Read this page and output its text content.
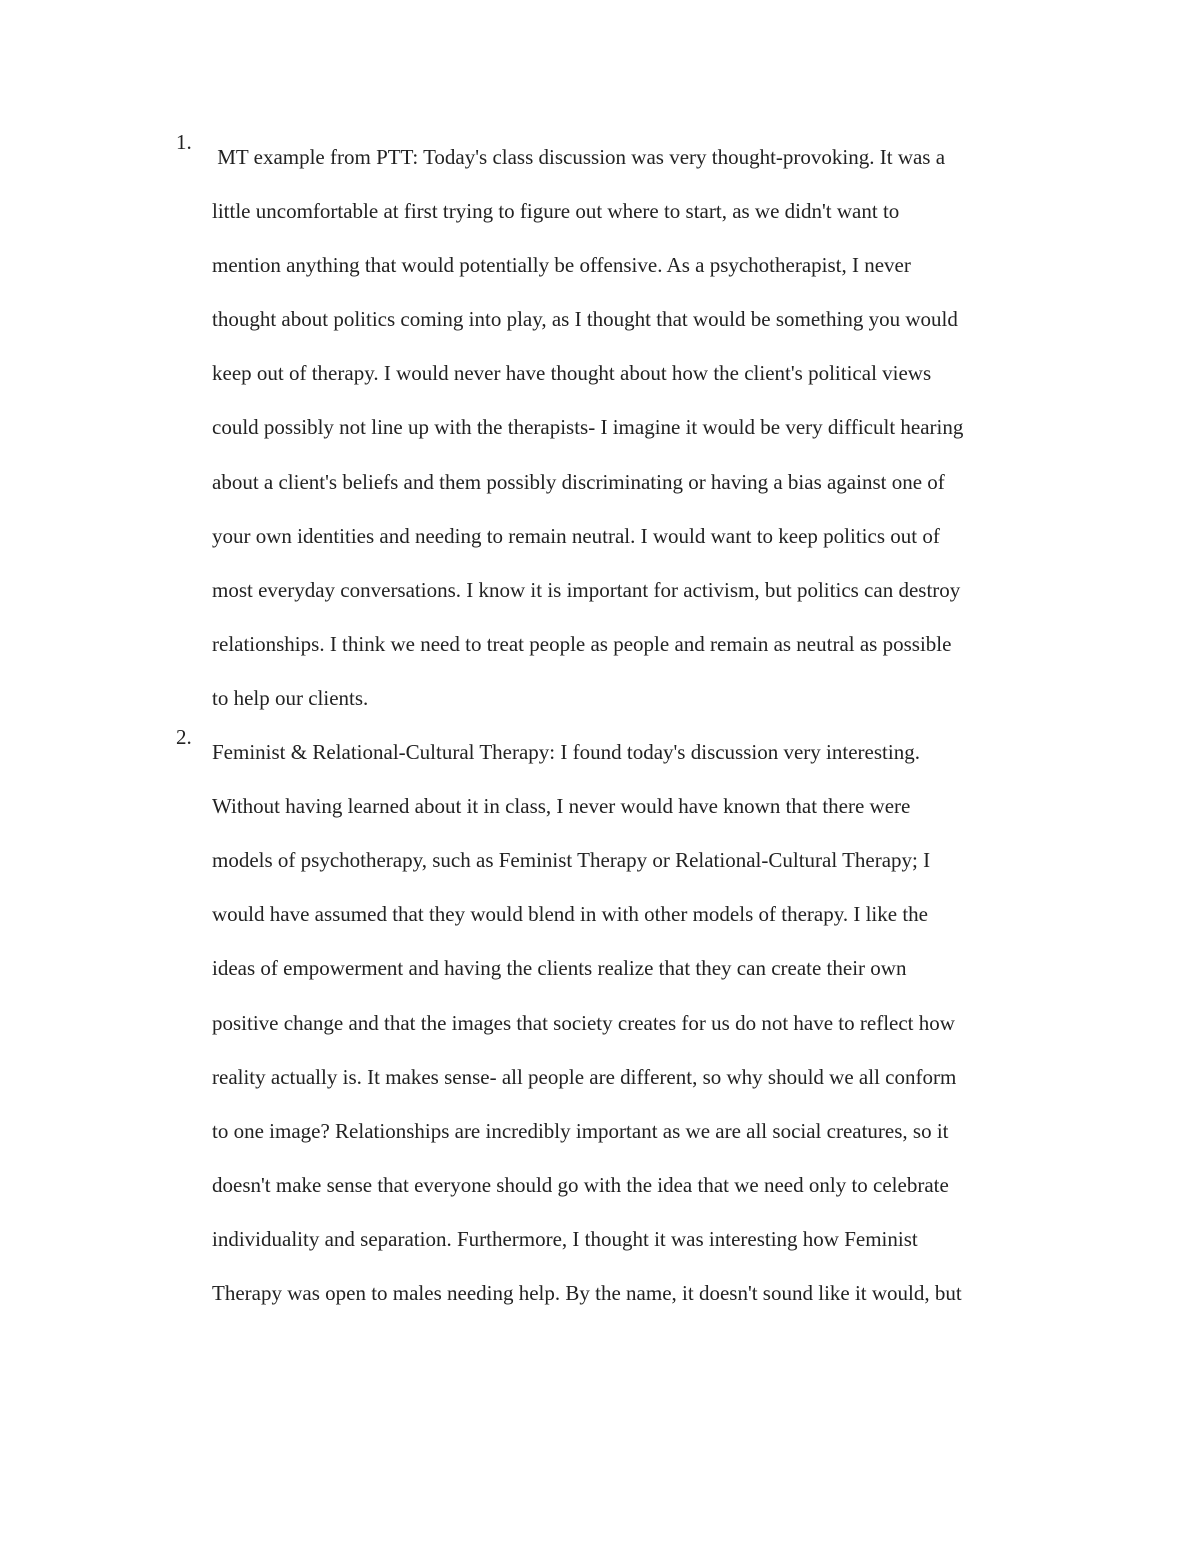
1.
MT example from PTT: Today's class discussion was very thought-provoking. It was a
little uncomfortable at first trying to figure out where to start, as we didn't want to
mention anything that would potentially be offensive. As a psychotherapist, I never
thought about politics coming into play, as I thought that would be something you would
keep out of therapy. I would never have thought about how the client's political views
could possibly not line up with the therapists- I imagine it would be very difficult hearing
about a client's beliefs and them possibly discriminating or having a bias against one of
your own identities and needing to remain neutral. I would want to keep politics out of
most everyday conversations. I know it is important for activism, but politics can destroy
relationships. I think we need to treat people as people and remain as neutral as possible
to help our clients.
2.
Feminist & Relational-Cultural Therapy: I found today's discussion very interesting.
Without having learned about it in class, I never would have known that there were
models of psychotherapy, such as Feminist Therapy or Relational-Cultural Therapy; I
would have assumed that they would blend in with other models of therapy. I like the
ideas of empowerment and having the clients realize that they can create their own
positive change and that the images that society creates for us do not have to reflect how
reality actually is. It makes sense- all people are different, so why should we all conform
to one image? Relationships are incredibly important as we are all social creatures, so it
doesn't make sense that everyone should go with the idea that we need only to celebrate
individuality and separation. Furthermore, I thought it was interesting how Feminist
Therapy was open to males needing help. By the name, it doesn't sound like it would, but
